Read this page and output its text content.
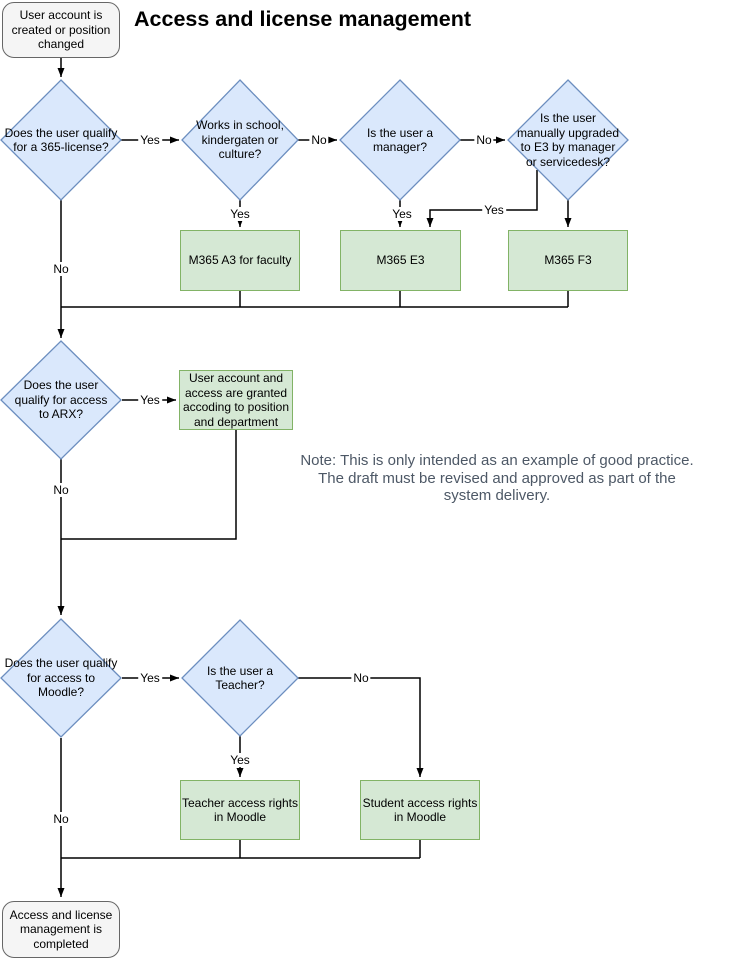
Access and license management
Note: This is only intended as an example of good practice. The draft must be revised and approved as part of the system delivery.
User account is created or position changed
Access and license management is completed
M365 A3 for faculty	M365 E3	M365 F3
User account and access are granted accoding to position and department
Teacher access rights in Moodle
Student access rights in Moodle
Does the user qualify for a 365-license?
Works in school, kindergaten or culture?
Is the user a manager?
Is the user manually upgraded to E3 by manager or servicedesk?
Does the user qualify for access to ARX?
Does the user qualify for access to Moodle?
Is the user a Teacher?
Yes	No	No
Yes	Yes	Yes
No
Yes
No
Yes	No
Yes
No
